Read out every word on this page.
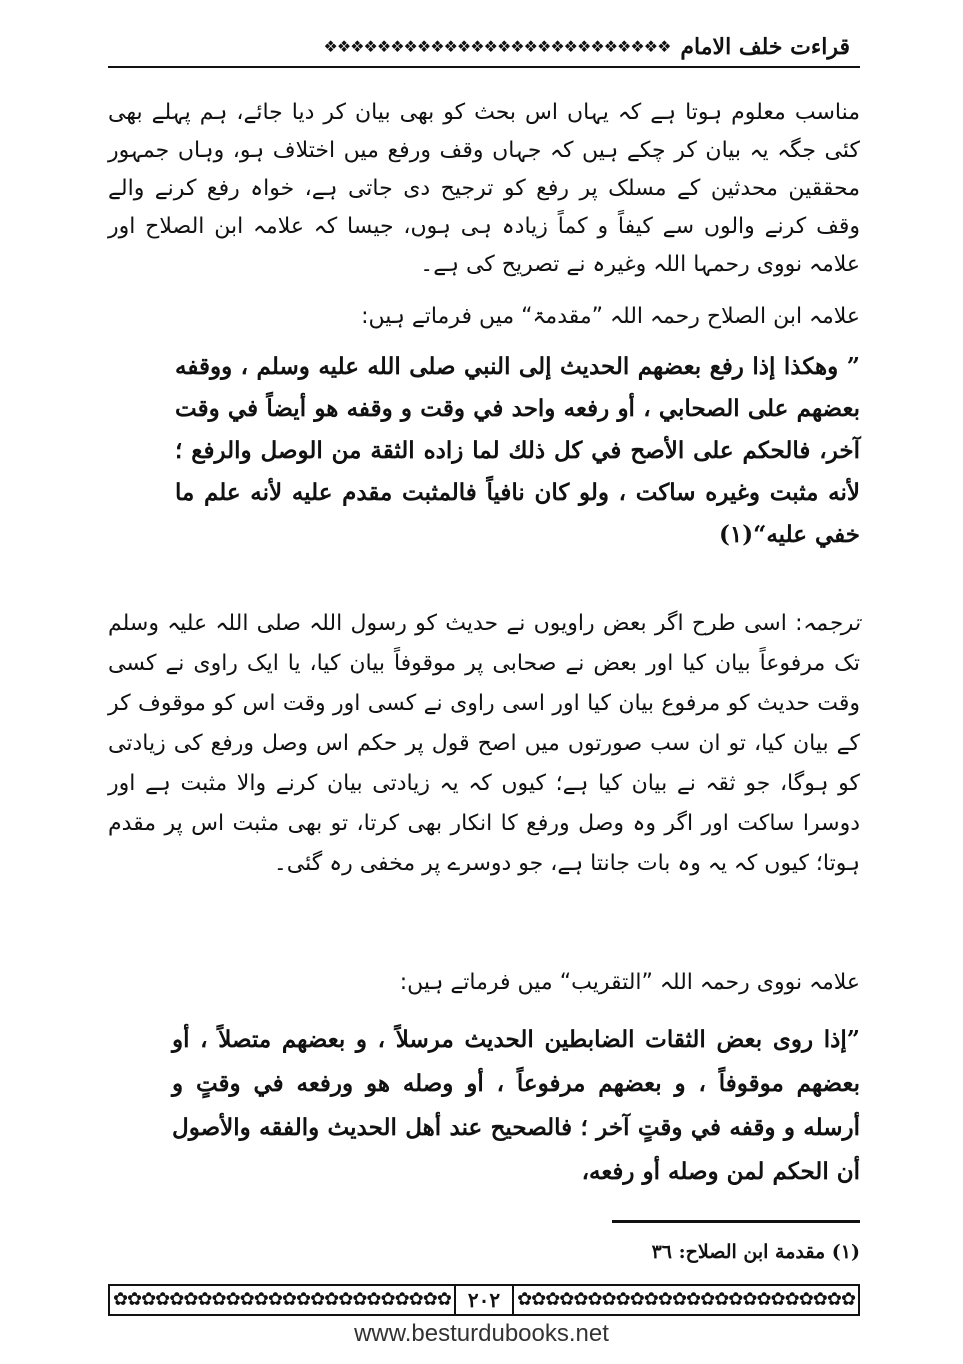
قراءت خلف الامام
❖❖❖❖❖❖❖❖❖❖❖❖❖❖❖❖❖❖❖❖❖❖❖❖❖❖
مناسب معلوم ہوتا ہے کہ یہاں اس بحث کو بھی بیان کر دیا جائے، ہم پہلے بھی کئی جگہ یہ بیان کر چکے ہیں کہ جہاں وقف ورفع میں اختلاف ہو، وہاں جمہور محققین محدثین کے مسلک پر رفع کو ترجیح دی جاتی ہے، خواہ رفع کرنے والے وقف کرنے والوں سے کیفاً و کماً زیادہ ہی ہوں، جیسا کہ علامہ ابن الصلاح اور علامہ نووی رحمہا اللہ وغیرہ نے تصریح کی ہے۔
علامہ ابن الصلاح رحمہ اللہ ”مقدمۃ“ میں فرماتے ہیں:
” وهكذا إذا رفع بعضهم الحديث إلى النبي صلى الله عليه وسلم ، ووقفه بعضهم على الصحابي ، أو رفعه واحد في وقت و وقفه هو أيضاً في وقت آخر، فالحكم على الأصح في كل ذلك لما زاده الثقة من الوصل والرفع ؛ لأنه مثبت وغيره ساكت ، ولو كان نافياً فالمثبت مقدم عليه لأنه علم ما خفي عليه“(١)
ترجمہ: اسی طرح اگر بعض راویوں نے حدیث کو رسول اللہ صلی اللہ علیہ وسلم تک مرفوعاً بیان کیا اور بعض نے صحابی پر موقوفاً بیان کیا، یا ایک راوی نے کسی وقت حدیث کو مرفوع بیان کیا اور اسی راوی نے کسی اور وقت اس کو موقوف کر کے بیان کیا، تو ان سب صورتوں میں اصح قول پر حکم اس وصل ورفع کی زیادتی کو ہوگا، جو ثقہ نے بیان کیا ہے؛ کیوں کہ یہ زیادتی بیان کرنے والا مثبت ہے اور دوسرا ساکت اور اگر وہ وصل ورفع کا انکار بھی کرتا، تو بھی مثبت اس پر مقدم ہوتا؛ کیوں کہ یہ وہ بات جانتا ہے، جو دوسرے پر مخفی رہ گئی۔
علامہ نووی رحمہ اللہ ”التقریب“ میں فرماتے ہیں:
”إذا روى بعض الثقات الضابطين الحديث مرسلاً ، و بعضهم متصلاً ، أو بعضهم موقوفاً ، و بعضهم مرفوعاً ، أو وصله هو ورفعه في وقتٍ و أرسله و وقفه في وقتٍ آخر ؛ فالصحيح عند أهل الحديث والفقه والأصول أن الحكم لمن وصله أو رفعه،
(١) مقدمة ابن الصلاح: ٣٦
✿✿✿✿✿✿✿✿✿✿✿✿✿✿✿✿✿✿✿✿✿✿✿✿
٢٠٢
✿✿✿✿✿✿✿✿✿✿✿✿✿✿✿✿✿✿✿✿✿✿✿✿
www.besturdubooks.net
